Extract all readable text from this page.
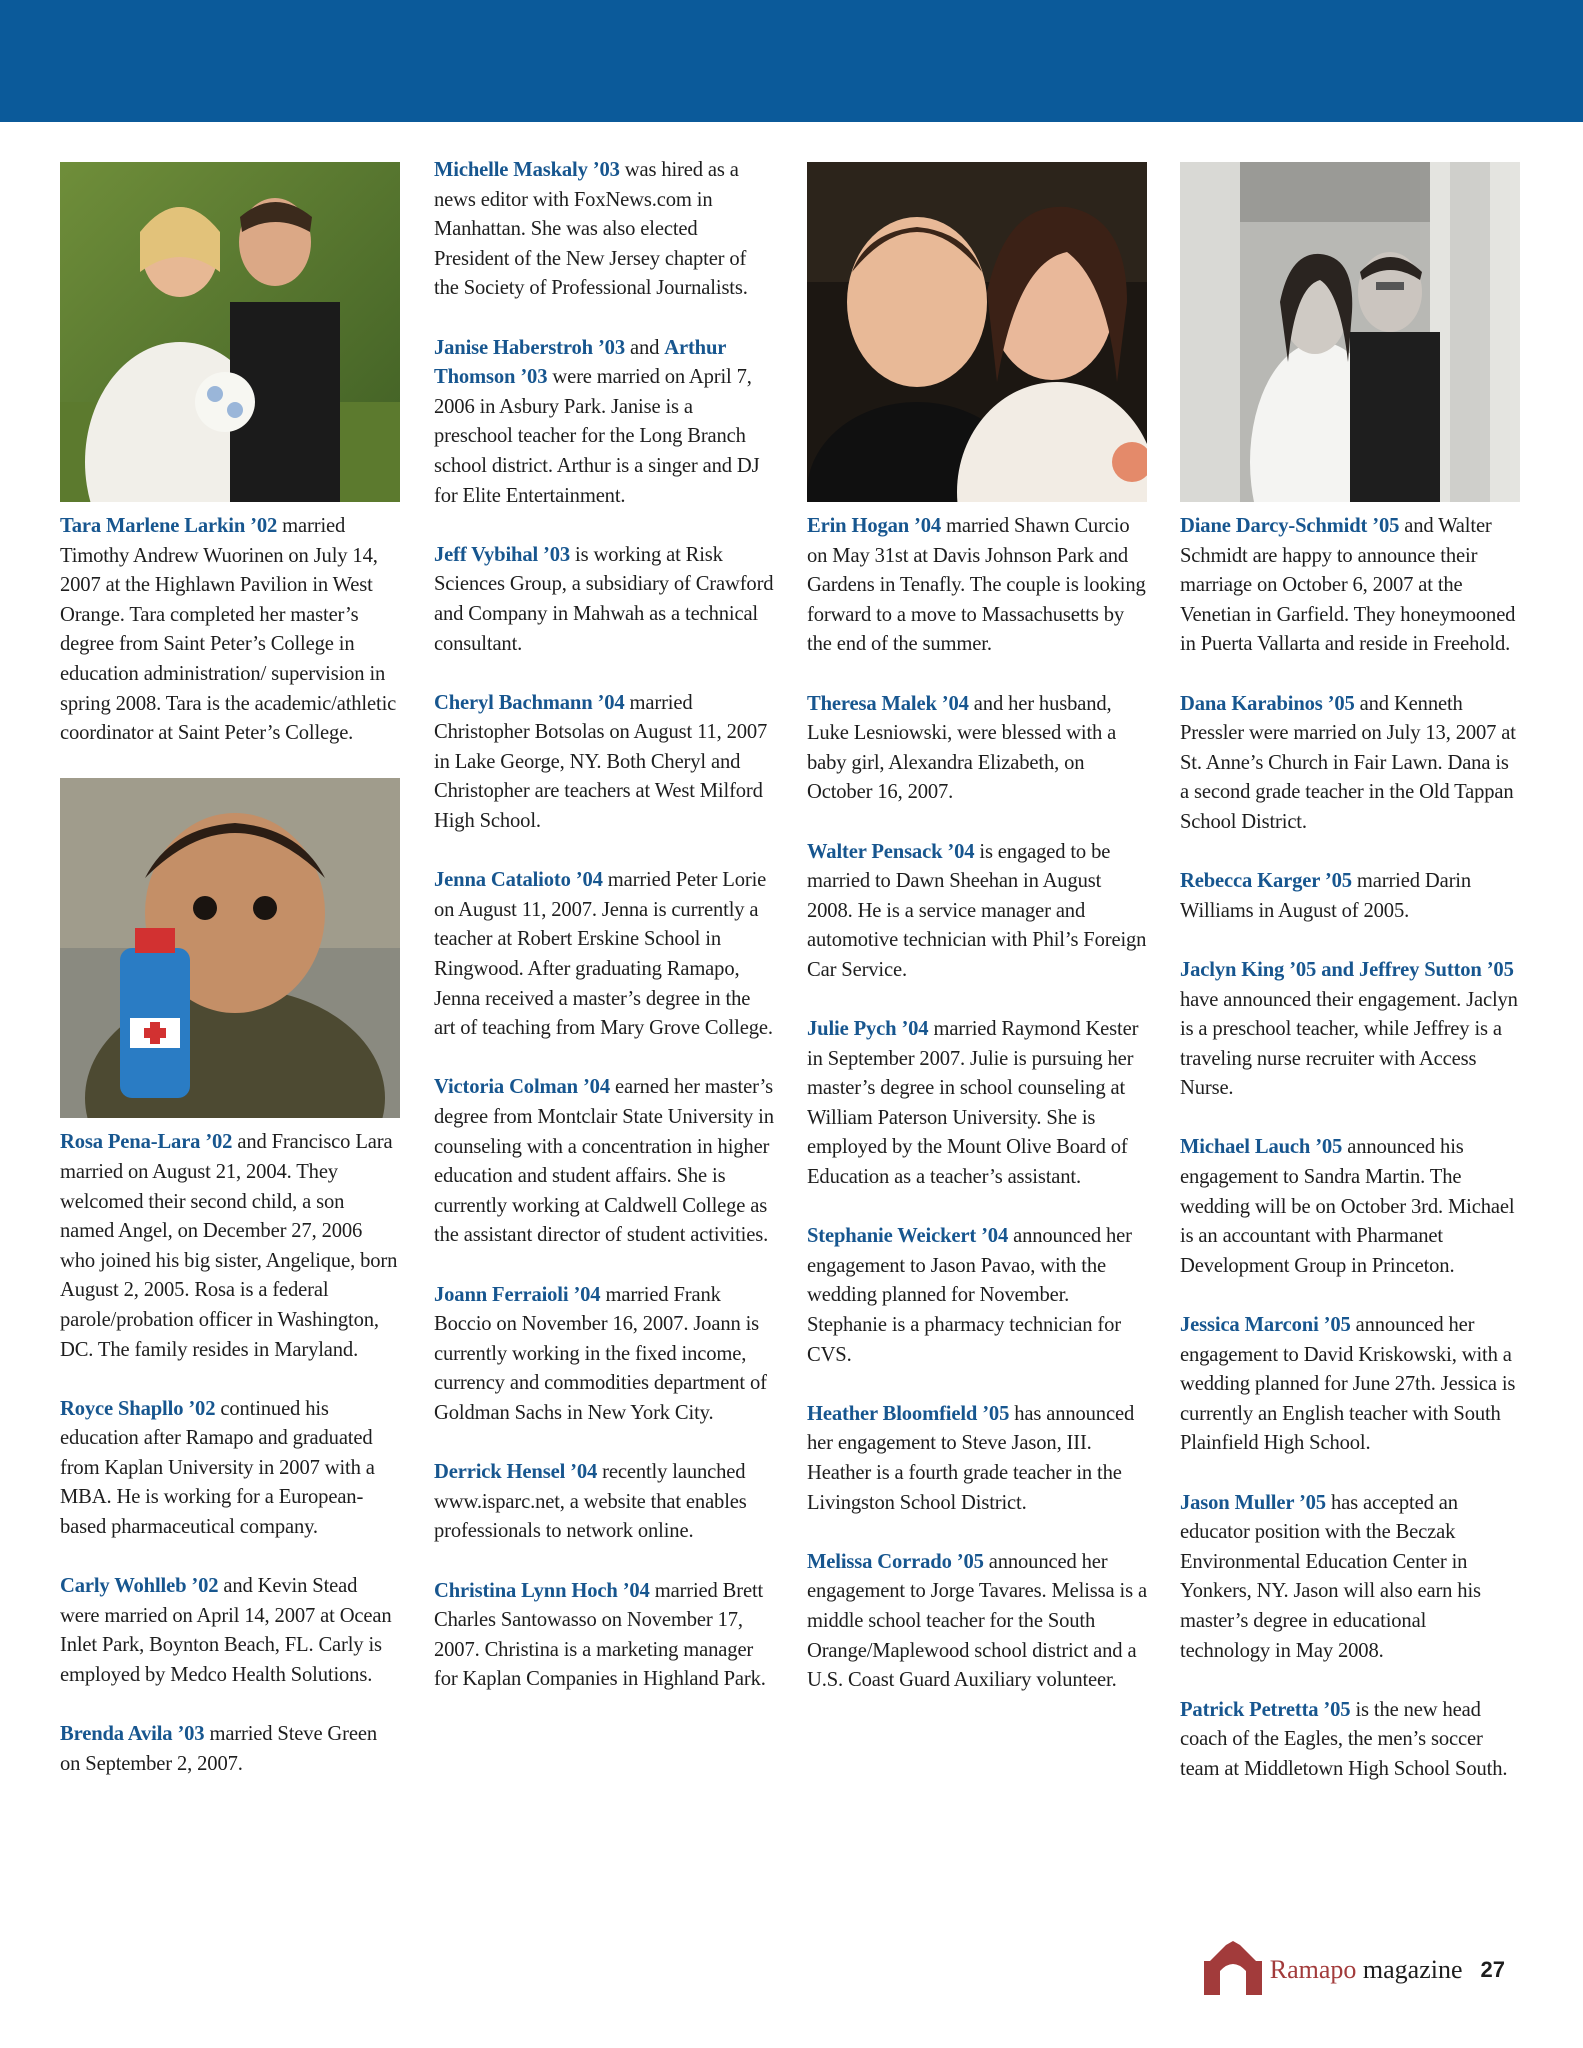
Tara Marlene Larkin ’02 married Timothy Andrew Wuorinen on July 14, 2007 at the Highlawn Pavilion in West Orange. Tara completed her master’s degree from Saint Peter’s College in education administration/ supervision in spring 2008. Tara is the academic/athletic coordinator at Saint Peter’s College.

Rosa Pena-Lara ’02 and Francisco Lara married on August 21, 2004. They welcomed their second child, a son named Angel, on December 27, 2006 who joined his big sister, Angelique, born August 2, 2005. Rosa is a federal parole/probation officer in Washington, DC. The family resides in Maryland.

Royce Shapllo ’02 continued his education after Ramapo and graduated from Kaplan University in 2007 with a MBA. He is working for a European-based pharmaceutical company.

Carly Wohlleb ’02 and Kevin Stead were married on April 14, 2007 at Ocean Inlet Park, Boynton Beach, FL. Carly is employed by Medco Health Solutions.

Brenda Avila ’03 married Steve Green on September 2, 2007.

Michelle Maskaly ’03 was hired as a news editor with FoxNews.com in Manhattan. She was also elected President of the New Jersey chapter of the Society of Professional Journalists.

Janise Haberstroh ’03 and Arthur Thomson ’03 were married on April 7, 2006 in Asbury Park. Janise is a preschool teacher for the Long Branch school district. Arthur is a singer and DJ for Elite Entertainment.

Jeff Vybihal ’03 is working at Risk Sciences Group, a subsidiary of Crawford and Company in Mahwah as a technical consultant.

Cheryl Bachmann ’04 married Christopher Botsolas on August 11, 2007 in Lake George, NY. Both Cheryl and Christopher are teachers at West Milford High School.

Jenna Catalioto ’04 married Peter Lorie on August 11, 2007. Jenna is currently a teacher at Robert Erskine School in Ringwood. After graduating Ramapo, Jenna received a master’s degree in the art of teaching from Mary Grove College.

Victoria Colman ’04 earned her master’s degree from Montclair State University in counseling with a concentration in higher education and student affairs. She is currently working at Caldwell College as the assistant director of student activities.

Joann Ferraioli ’04 married Frank Boccio on November 16, 2007. Joann is currently working in the fixed income, currency and commodities department of Goldman Sachs in New York City.

Derrick Hensel ’04 recently launched www.isparc.net, a website that enables professionals to network online.

Christina Lynn Hoch ’04 married Brett Charles Santowasso on November 17, 2007. Christina is a marketing manager for Kaplan Companies in Highland Park.

Erin Hogan ’04 married Shawn Curcio on May 31st at Davis Johnson Park and Gardens in Tenafly. The couple is looking forward to a move to Massachusetts by the end of the summer.

Theresa Malek ’04 and her husband, Luke Lesniowski, were blessed with a baby girl, Alexandra Elizabeth, on October 16, 2007.

Walter Pensack ’04 is engaged to be married to Dawn Sheehan in August 2008. He is a service manager and automotive technician with Phil’s Foreign Car Service.

Julie Pych ’04 married Raymond Kester in September 2007. Julie is pursuing her master’s degree in school counseling at William Paterson University. She is employed by the Mount Olive Board of Education as a teacher’s assistant.

Stephanie Weickert ’04 announced her engagement to Jason Pavao, with the wedding planned for November. Stephanie is a pharmacy technician for CVS.

Heather Bloomfield ’05 has announced her engagement to Steve Jason, III. Heather is a fourth grade teacher in the Livingston School District.

Melissa Corrado ’05 announced her engagement to Jorge Tavares. Melissa is a middle school teacher for the South Orange/Maplewood school district and a U.S. Coast Guard Auxiliary volunteer.

Diane Darcy-Schmidt ’05 and Walter Schmidt are happy to announce their marriage on October 6, 2007 at the Venetian in Garfield. They honeymooned in Puerta Vallarta and reside in Freehold.

Dana Karabinos ’05 and Kenneth Pressler were married on July 13, 2007 at St. Anne’s Church in Fair Lawn. Dana is a second grade teacher in the Old Tappan School District.

Rebecca Karger ’05 married Darin Williams in August of 2005.

Jaclyn King ’05 and Jeffrey Sutton ’05 have announced their engagement. Jaclyn is a preschool teacher, while Jeffrey is a traveling nurse recruiter with Access Nurse.

Michael Lauch ’05 announced his engagement to Sandra Martin. The wedding will be on October 3rd. Michael is an accountant with Pharmanet Development Group in Princeton.

Jessica Marconi ’05 announced her engagement to David Kriskowski, with a wedding planned for June 27th. Jessica is currently an English teacher with South Plainfield High School.

Jason Muller ’05 has accepted an educator position with the Beczak Environmental Education Center in Yonkers, NY. Jason will also earn his master’s degree in educational technology in May 2008.

Patrick Petretta ’05 is the new head coach of the Eagles, the men’s soccer team at Middletown High School South.

Ramapo magazine 27
